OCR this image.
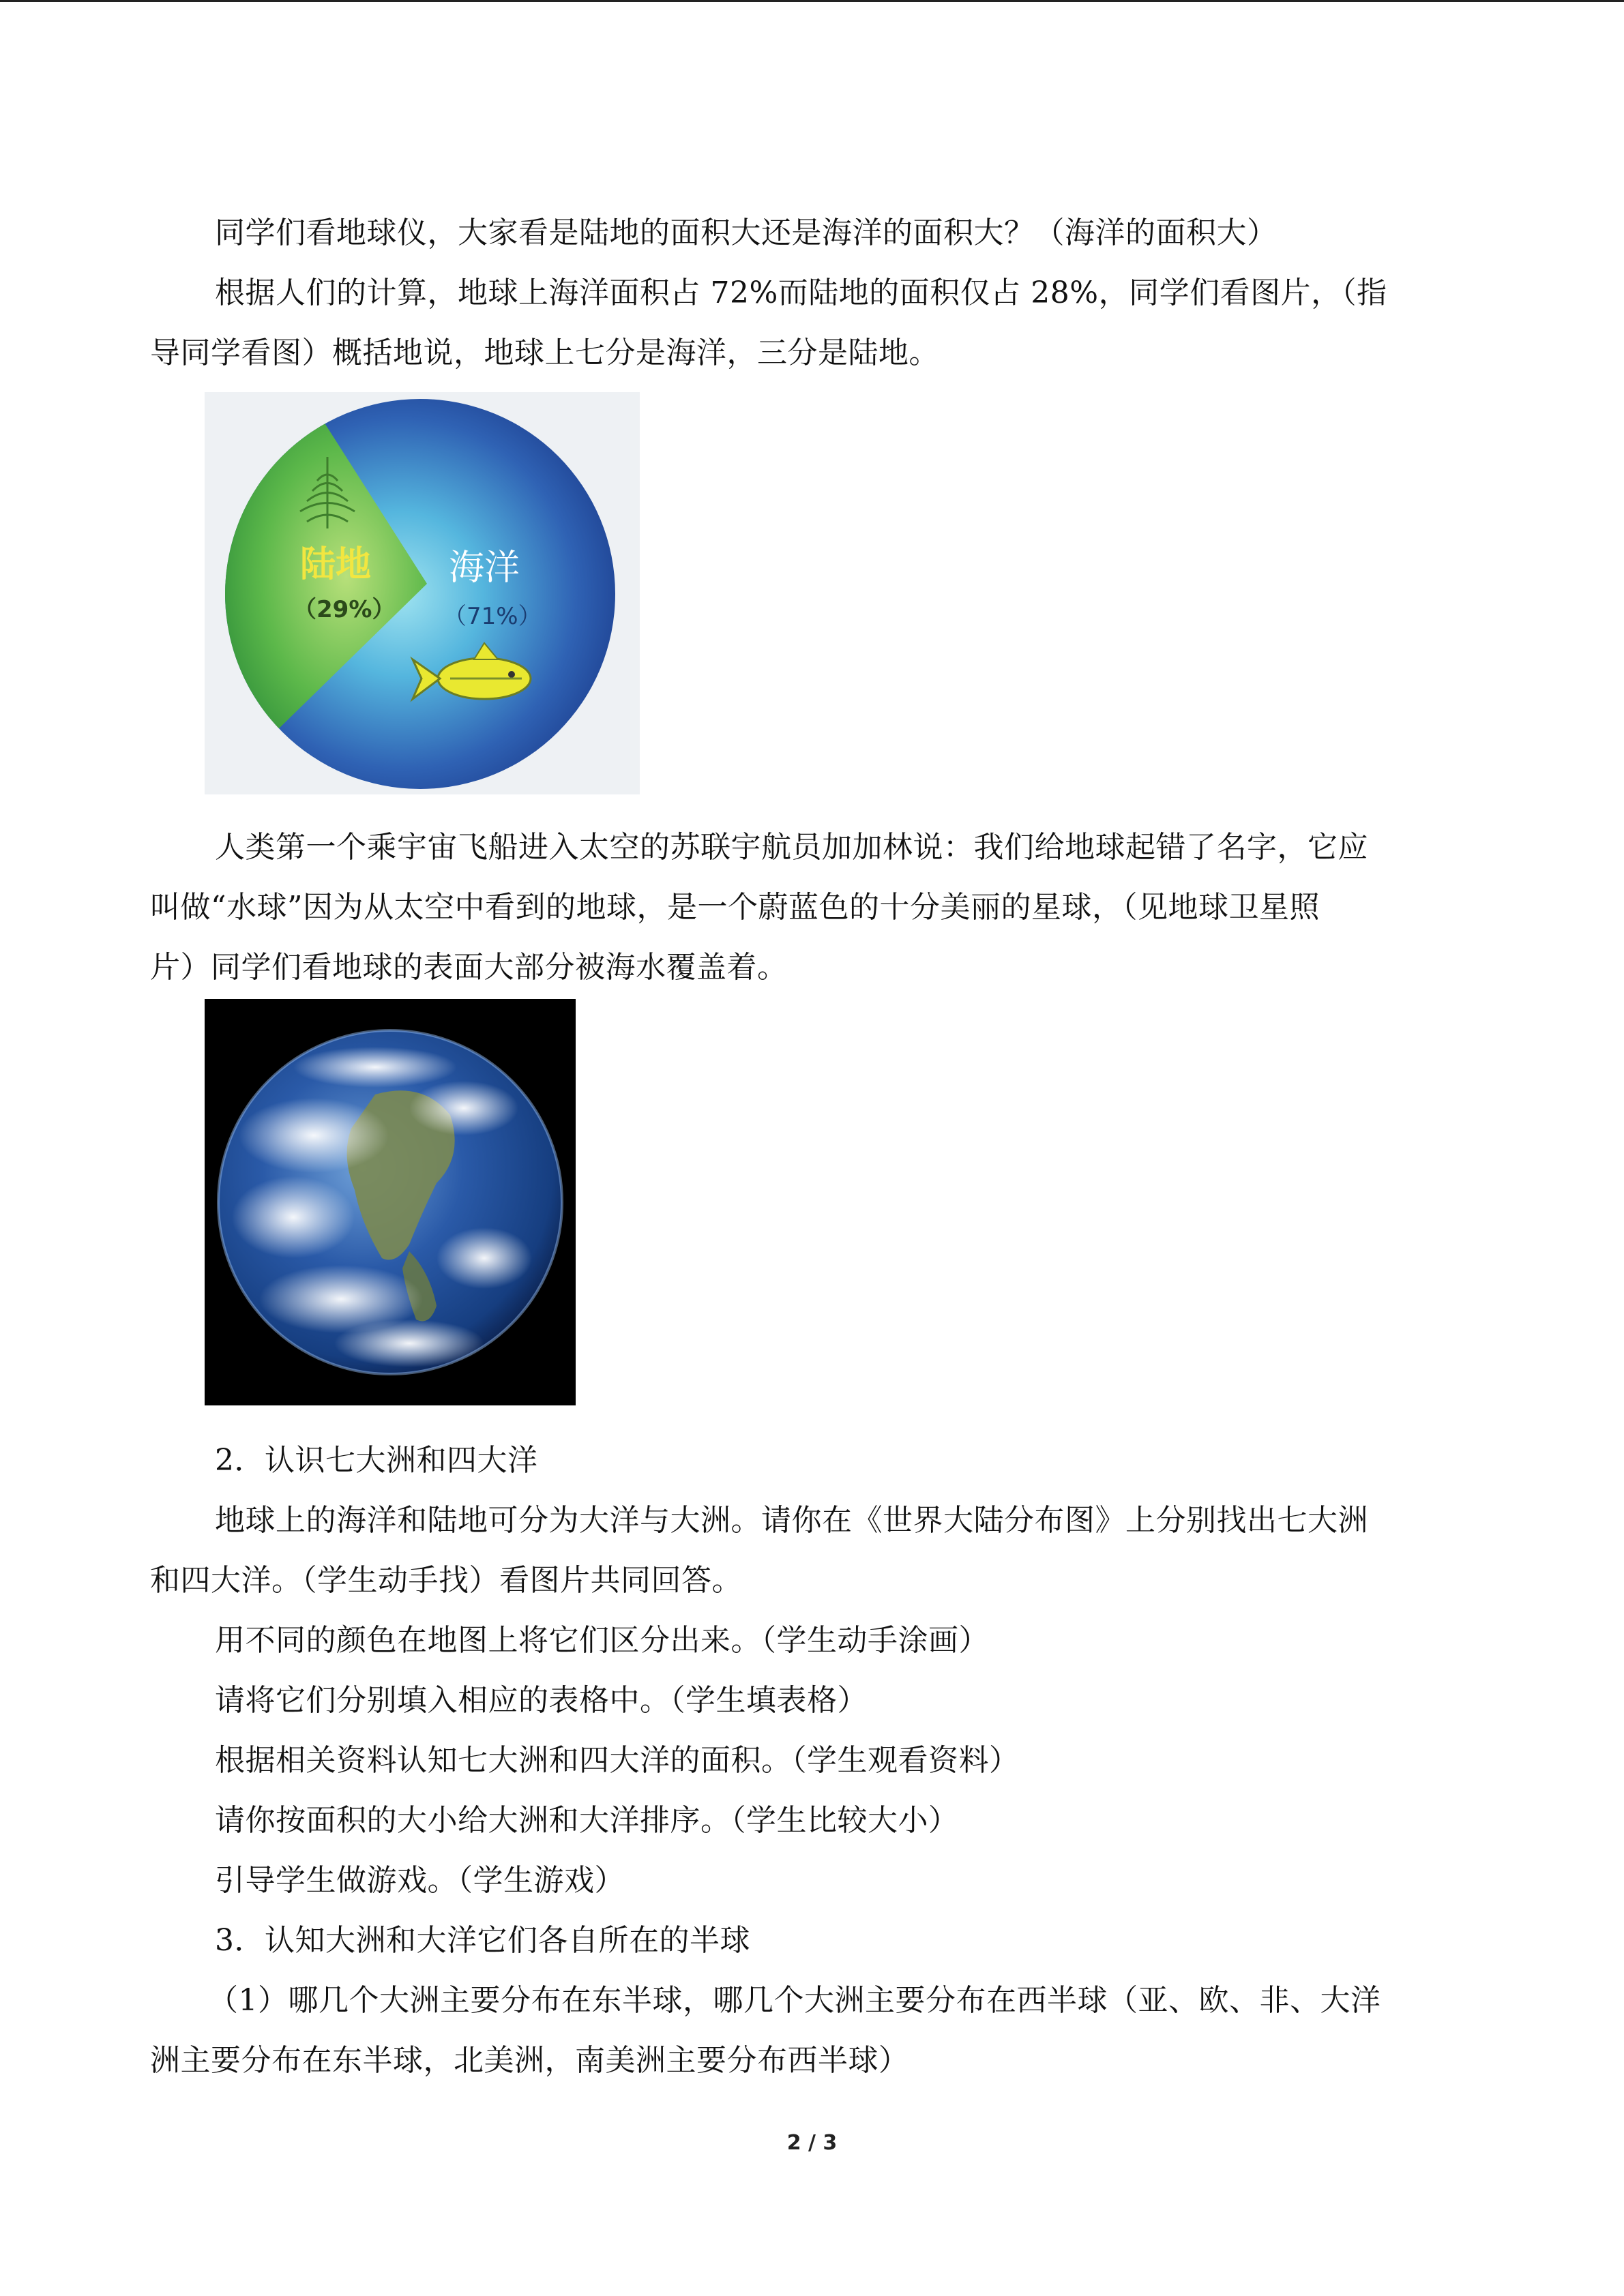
同学们看地球仪，大家看是陆地的面积大还是海洋的面积大？（海洋的面积大）
根据人们的计算，地球上海洋面积占 72%而陆地的面积仅占 28%，同学们看图片，（指
导同学看图）概括地说，地球上七分是海洋，三分是陆地。
陆地
（29%）
海洋
（71%）
人类第一个乘宇宙飞船进入太空的苏联宇航员加加林说：我们给地球起错了名字，它应
叫做“水球”因为从太空中看到的地球，是一个蔚蓝色的十分美丽的星球，（见地球卫星照
片）同学们看地球的表面大部分被海水覆盖着。
2．认识七大洲和四大洋
地球上的海洋和陆地可分为大洋与大洲。请你在《世界大陆分布图》上分别找出七大洲
和四大洋。（学生动手找）看图片共同回答。
用不同的颜色在地图上将它们区分出来。（学生动手涂画）
请将它们分别填入相应的表格中。（学生填表格）
根据相关资料认知七大洲和四大洋的面积。（学生观看资料）
请你按面积的大小给大洲和大洋排序。（学生比较大小）
引导学生做游戏。（学生游戏）
3．认知大洲和大洋它们各自所在的半球
（1）哪几个大洲主要分布在东半球，哪几个大洲主要分布在西半球（亚、欧、非、大洋
洲主要分布在东半球，北美洲，南美洲主要分布西半球）
2 / 3
